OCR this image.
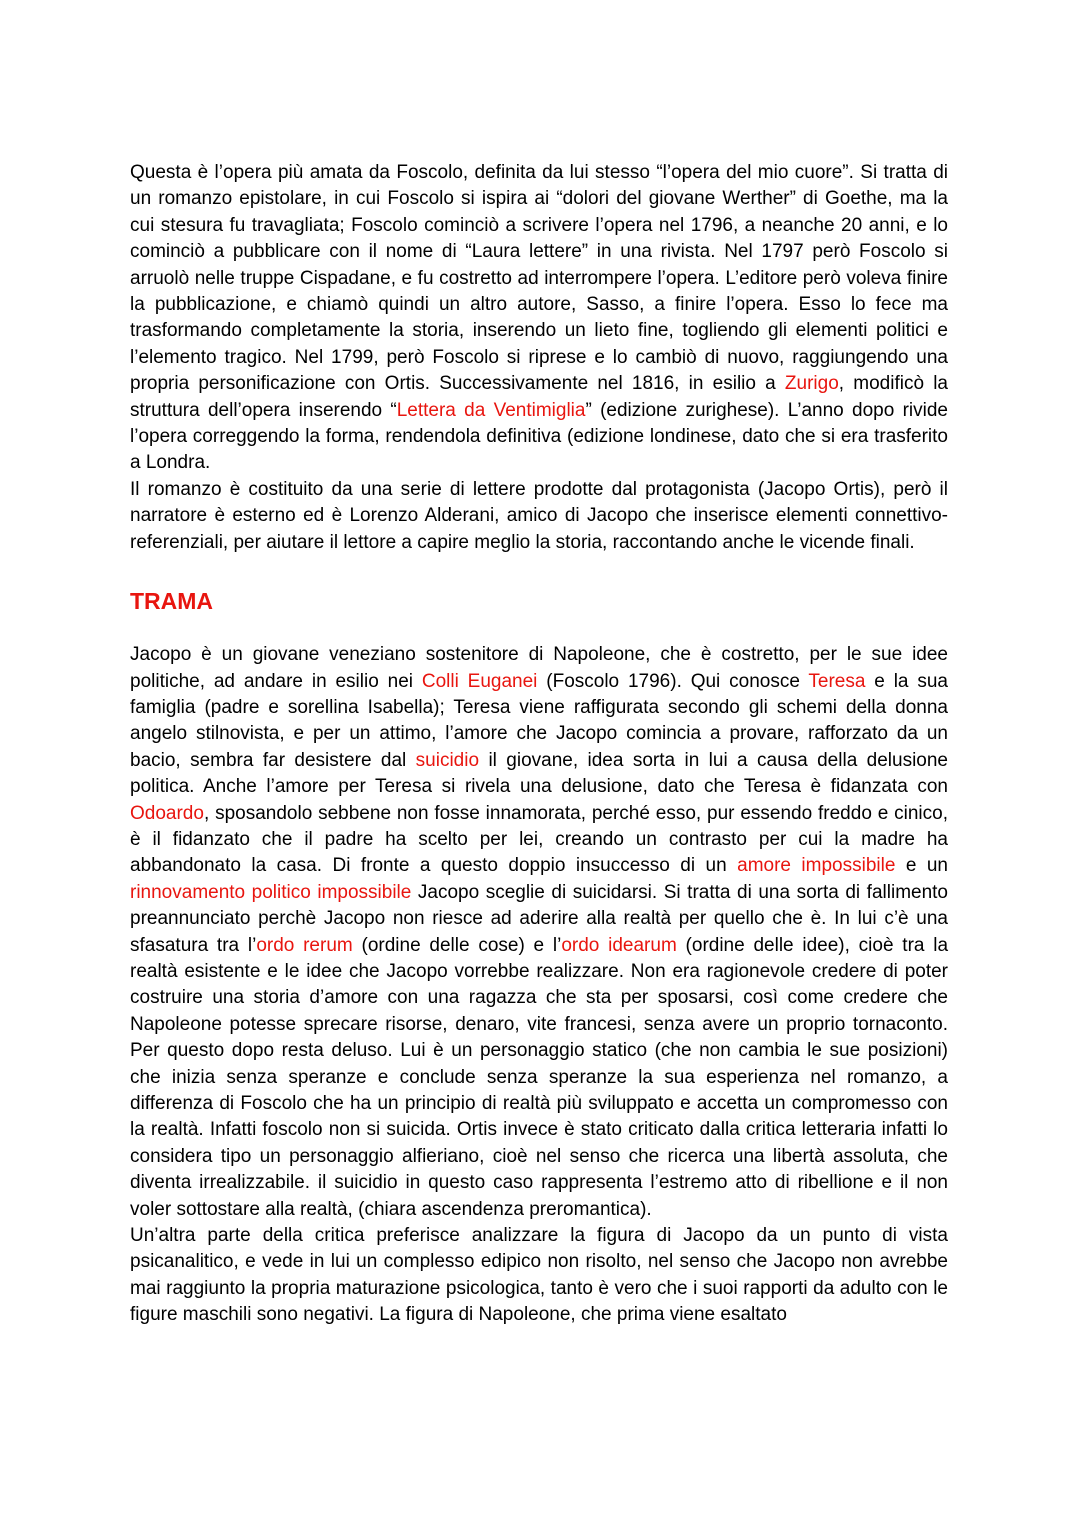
Questa è l’opera più amata da Foscolo, definita da lui stesso “l’opera del mio cuore”. Si tratta di un romanzo epistolare, in cui Foscolo si ispira ai “dolori del giovane Werther” di Goethe, ma la cui stesura fu travagliata; Foscolo cominciò a scrivere l’opera nel 1796, a neanche 20 anni, e lo cominciò a pubblicare con il nome di “Laura lettere” in una rivista. Nel 1797 però Foscolo si arruolò nelle truppe Cispadane, e fu costretto ad interrompere l’opera. L’editore però voleva finire la pubblicazione, e chiamò quindi un altro autore, Sasso, a finire l’opera. Esso lo fece ma trasformando completamente la storia, inserendo un lieto fine, togliendo gli elementi politici e l’elemento tragico. Nel 1799, però Foscolo si riprese e lo cambiò di nuovo, raggiungendo una propria personificazione con Ortis. Successivamente nel 1816, in esilio a Zurigo, modificò la struttura dell’opera inserendo “Lettera da Ventimiglia” (edizione zurighese). L’anno dopo rivide l’opera correggendo la forma, rendendola definitiva (edizione londinese, dato che si era trasferito a Londra.

Il romanzo è costituito da una serie di lettere prodotte dal protagonista (Jacopo Ortis), però il narratore è esterno ed è Lorenzo Alderani, amico di Jacopo che inserisce elementi connettivo-referenziali, per aiutare il lettore a capire meglio la storia, raccontando anche le vicende finali.

TRAMA

Jacopo è un giovane veneziano sostenitore di Napoleone, che è costretto, per le sue idee politiche, ad andare in esilio nei Colli Euganei (Foscolo 1796). Qui conosce Teresa e la sua famiglia (padre e sorellina Isabella); Teresa viene raffigurata secondo gli schemi della donna angelo stilnovista, e per un attimo, l’amore che Jacopo comincia a provare, rafforzato da un bacio, sembra far desistere dal suicidio il giovane, idea sorta in lui a causa della delusione politica. Anche l’amore per Teresa si rivela una delusione, dato che Teresa è fidanzata con Odoardo, sposandolo sebbene non fosse innamorata, perché esso, pur essendo freddo e cinico, è il fidanzato che il padre ha scelto per lei, creando un contrasto per cui la madre ha abbandonato la casa. Di fronte a questo doppio insuccesso di un amore impossibile e un rinnovamento politico impossibile Jacopo sceglie di suicidarsi. Si tratta di una sorta di fallimento preannunciato perchè Jacopo non riesce ad aderire alla realtà per quello che è. In lui c’è una sfasatura tra l’ordo rerum (ordine delle cose) e l’ordo idearum (ordine delle idee), cioè tra la realtà esistente e le idee che Jacopo vorrebbe realizzare. Non era ragionevole credere di poter costruire una storia d’amore con una ragazza che sta per sposarsi, così come credere che Napoleone potesse sprecare risorse, denaro, vite francesi, senza avere un proprio tornaconto. Per questo dopo resta deluso. Lui è un personaggio statico (che non cambia le sue posizioni) che inizia senza speranze e conclude senza speranze la sua esperienza nel romanzo, a differenza di Foscolo che ha un principio di realtà più sviluppato e accetta un compromesso con la realtà. Infatti foscolo non si suicida. Ortis invece è stato criticato dalla critica letteraria infatti lo considera tipo un personaggio alfieriano, cioè nel senso che ricerca una libertà assoluta, che diventa irrealizzabile. il suicidio in questo caso rappresenta l’estremo atto di ribellione e il non voler sottostare alla realtà, (chiara ascendenza preromantica).

Un’altra parte della critica preferisce analizzare la figura di Jacopo da un punto di vista psicanalitico, e vede in lui un complesso edipico non risolto, nel senso che Jacopo non avrebbe mai raggiunto la propria maturazione psicologica, tanto è vero che i suoi rapporti da adulto con le figure maschili sono negativi. La figura di Napoleone, che prima viene esaltato
